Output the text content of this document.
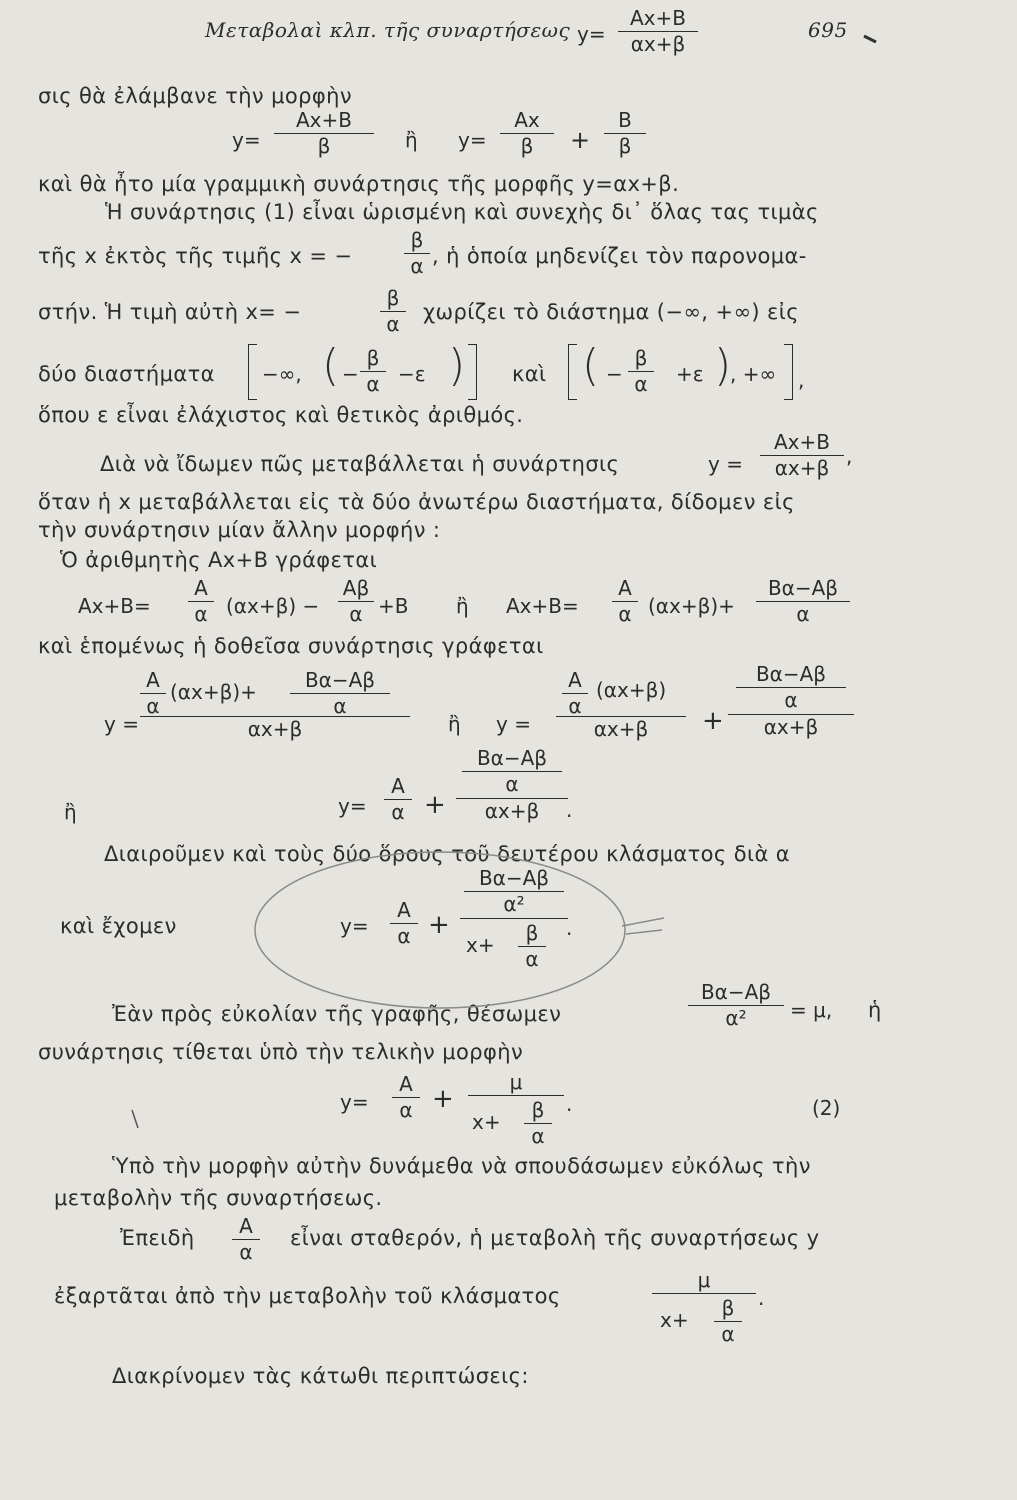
Μεταβολαὶ κλπ. τῆς συναρτήσεως y=
Ax+B
αx+β
695
σις θὰ ἐλάμβανε τὴν μορφὴν
y=
Ax+B
β	ἢ y=
Ax
β	+
B
β
καὶ θὰ ἦτο μία γραμμικὴ συνάρτησις τῆς μορφῆς y=αx+β.
Ἡ συνάρτησις (1) εἶναι ὡρισμένη καὶ συνεχὴς δι᾽ ὅλας τας τιμὰς
τῆς x ἐκτὸς τῆς τιμῆς x = −
β
α , ἡ ὁποία μηδενίζει τὸν παρονομα-
στήν. Ἡ τιμὴ αὐτὴ x= −
β
α	χωρίζει τὸ διάστημα (−∞, +∞) εἰς
δύο διαστήματα −∞, ( −
β
α −ε ) καὶ ( −
β
α	+ε )
, +∞ ,
ὅπου ε εἶναι ἐλάχιστος καὶ θετικὸς ἀριθμός.
Διὰ νὰ ἴδωμεν πῶς μεταβάλλεται ἡ συνάρτησις	y =
Ax+B
αx+β ,
ὅταν ἡ x μεταβάλλεται εἰς τὰ δύο ἀνωτέρω διαστήματα, δίδομεν εἰς
τὴν συνάρτησιν μίαν ἄλλην μορφήν :
Ὁ ἀριθμητὴς Ax+B γράφεται
Ax+B=
A
α (αx+β) −
Aβ
α +B ἢ Ax+B=
A
α (αx+β)+
Bα−Aβ
α
καὶ ἑπομένως ἡ δοθεῖσα συνάρτησις γράφεται
y =
A
α
(αx+β)+	Bα−Aβ
α
αx+β	ἢ y =
A
α
(αx+β)
αx+β	+
Bα−Aβ
α
αx+β
ἢ	y=
A
α +
Bα−Aβ
α
αx+β	.
Διαιροῦμεν καὶ τοὺς δύο ὅρους τοῦ δευτέρου κλάσματος διὰ α
καὶ ἔχομεν	y=
A
α +
Bα−Aβ
α²
x+	β
α
.
Ἐὰν πρὸς εὐκολίαν τῆς γραφῆς, θέσωμεν
Bα−Aβ
α²	= μ, ἡ
συνάρτησις τίθεται ὑπὸ τὴν τελικὴν μορφὴν
y=
A
α +
μ
x+	β
α
.	(2)
Ὑπὸ τὴν μορφὴν αὐτὴν δυνάμεθα νὰ σπουδάσωμεν εὐκόλως τὴν
μεταβολὴν τῆς συναρτήσεως.
Ἐπειδὴ	A
α
εἶναι σταθερόν, ἡ μεταβολὴ τῆς συναρτήσεως y
ἐξαρτᾶται ἀπὸ τὴν μεταβολὴν τοῦ κλάσματος
μ
x+	β
α
.
Διακρίνομεν τὰς κάτωθι περιπτώσεις:
